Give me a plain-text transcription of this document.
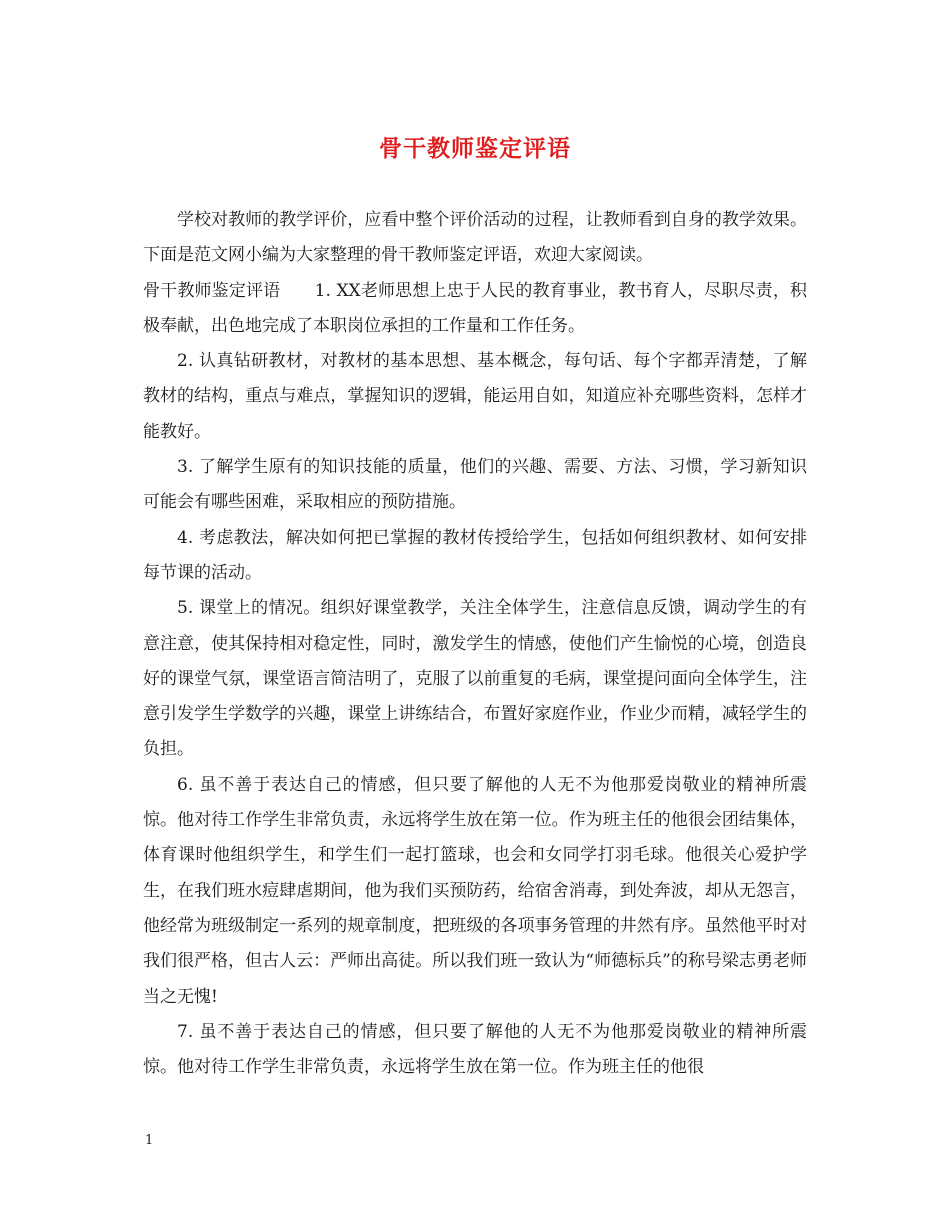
骨干教师鉴定评语

学校对教师的教学评价，应看中整个评价活动的过程，让教师看到自身的教学效果。下面是范文网小编为大家整理的骨干教师鉴定评语，欢迎大家阅读。

骨干教师鉴定评语　　1. XX老师思想上忠于人民的教育事业，教书育人，尽职尽责，积极奉献，出色地完成了本职岗位承担的工作量和工作任务。

2. 认真钻研教材，对教材的基本思想、基本概念，每句话、每个字都弄清楚，了解教材的结构，重点与难点，掌握知识的逻辑，能运用自如，知道应补充哪些资料，怎样才能教好。

3. 了解学生原有的知识技能的质量，他们的兴趣、需要、方法、习惯，学习新知识可能会有哪些困难，采取相应的预防措施。

4. 考虑教法，解决如何把已掌握的教材传授给学生，包括如何组织教材、如何安排每节课的活动。

5. 课堂上的情况。组织好课堂教学，关注全体学生，注意信息反馈，调动学生的有意注意，使其保持相对稳定性，同时，激发学生的情感，使他们产生愉悦的心境，创造良好的课堂气氛，课堂语言简洁明了，克服了以前重复的毛病，课堂提问面向全体学生，注意引发学生学数学的兴趣，课堂上讲练结合，布置好家庭作业，作业少而精，减轻学生的负担。

6. 虽不善于表达自己的情感，但只要了解他的人无不为他那爱岗敬业的精神所震惊。他对待工作学生非常负责，永远将学生放在第一位。作为班主任的他很会团结集体，体育课时他组织学生，和学生们一起打篮球，也会和女同学打羽毛球。他很关心爱护学生，在我们班水痘肆虐期间，他为我们买预防药，给宿舍消毒，到处奔波，却从无怨言，他经常为班级制定一系列的规章制度，把班级的各项事务管理的井然有序。虽然他平时对我们很严格，但古人云：严师出高徒。所以我们班一致认为“师德标兵”的称号梁志勇老师当之无愧!

7. 虽不善于表达自己的情感，但只要了解他的人无不为他那爱岗敬业的精神所震惊。他对待工作学生非常负责，永远将学生放在第一位。作为班主任的他很

1
